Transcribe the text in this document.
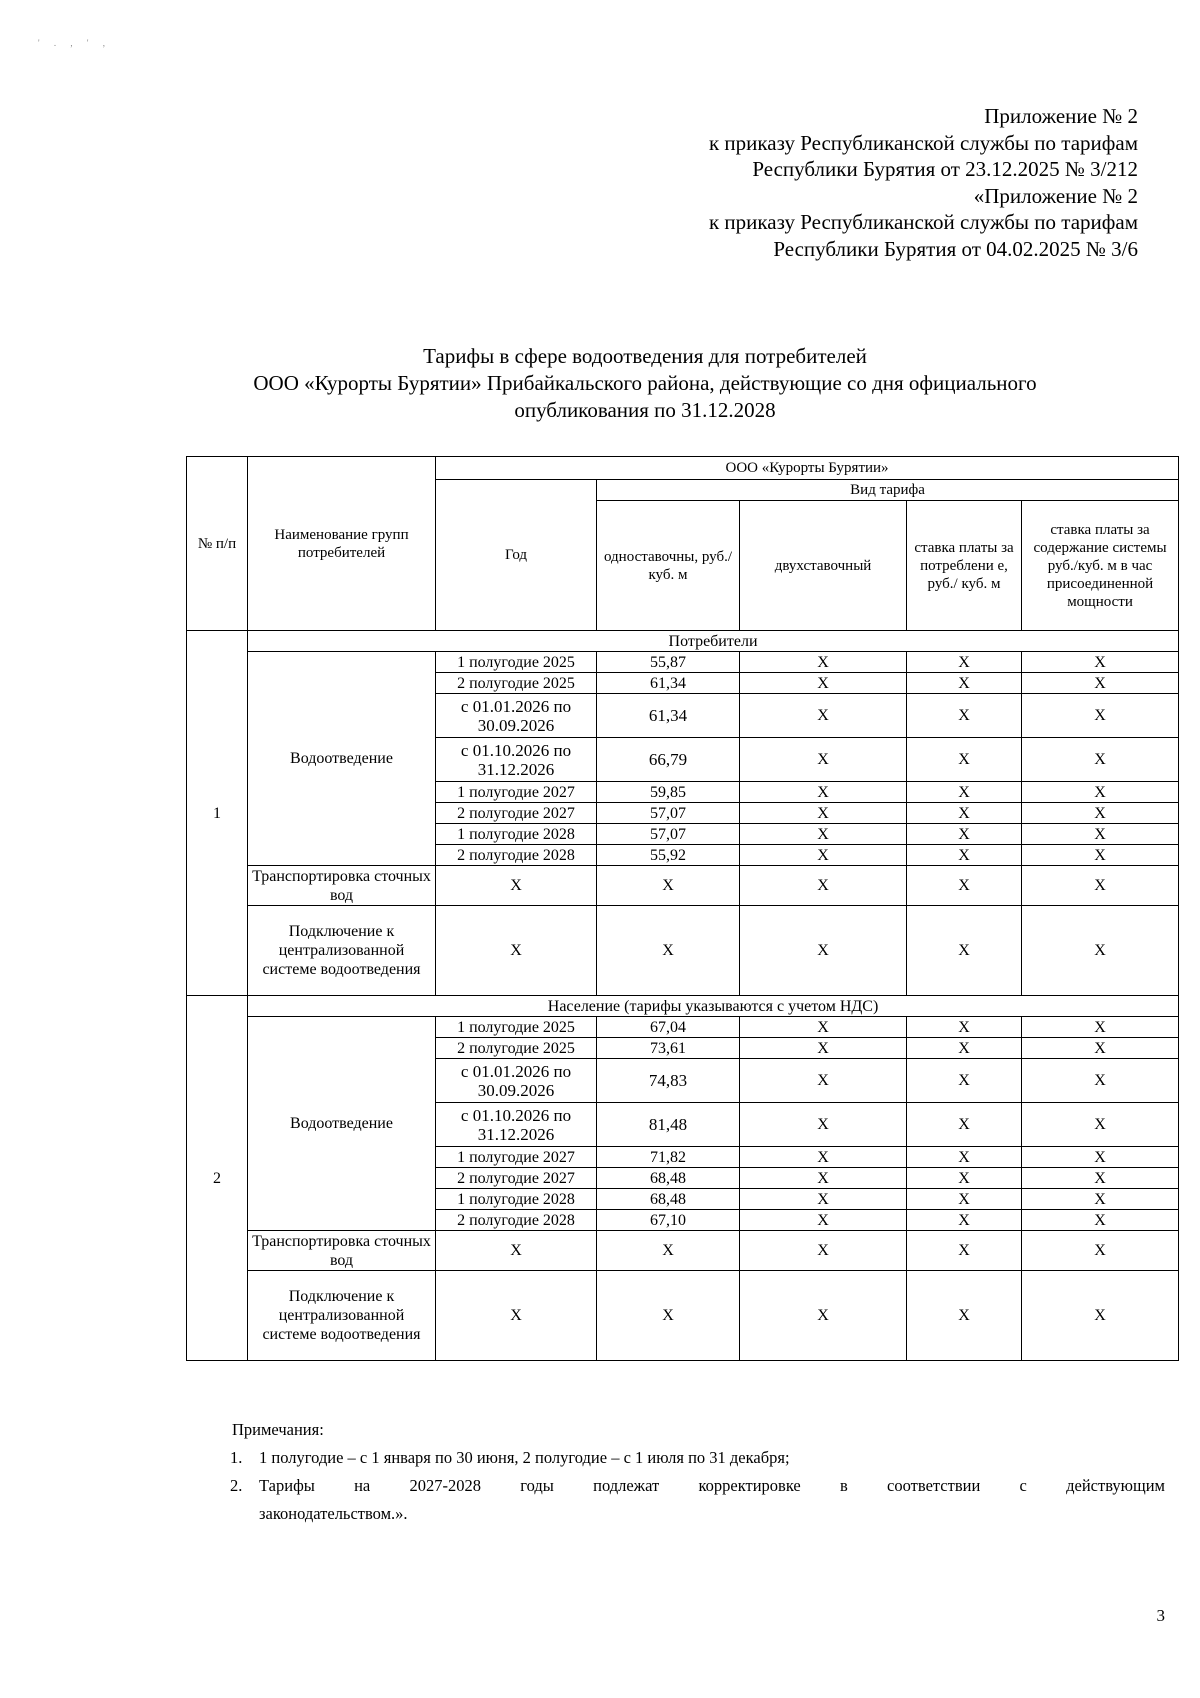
' . , ' ,
Приложение № 2
к приказу Республиканской службы по тарифам
Республики Бурятия от 23.12.2025 № 3/212
«Приложение № 2
к приказу Республиканской службы по тарифам
Республики Бурятия от 04.02.2025 № 3/6
Тарифы в сфере водоотведения для потребителей
ООО «Курорты Бурятии» Прибайкальского района, действующие со дня официального
опубликования по 31.12.2028
№ п/п	Наименование групп потребителей	ООО «Курорты Бурятии»				
		Год	Вид тарифа			
			одноставочны, руб./ куб. м	двухставочный	ставка платы за потреблени е, руб./ куб. м	ставка платы за содержание системы руб./куб. м в час присоединенной мощности
1	Потребители					
	Водоотведение	1 полугодие 2025	55,87	X	X	X
		2 полугодие 2025	61,34	X	X	X
		с 01.01.2026 по 30.09.2026	61,34	X	X	X
		с 01.10.2026 по 31.12.2026	66,79	X	X	X
		1 полугодие 2027	59,85	X	X	X
		2 полугодие 2027	57,07	X	X	X
		1 полугодие 2028	57,07	X	X	X
		2 полугодие 2028	55,92	X	X	X
	Транспортировка сточных вод	X	X	X	X	X
	Подключение к централизованной системе водоотведения	X	X	X	X	X
2	Население (тарифы указываются с учетом НДС)					
	Водоотведение	1 полугодие 2025	67,04	X	X	X
		2 полугодие 2025	73,61	X	X	X
		с 01.01.2026 по 30.09.2026	74,83	X	X	X
		с 01.10.2026 по 31.12.2026	81,48	X	X	X
		1 полугодие 2027	71,82	X	X	X
		2 полугодие 2027	68,48	X	X	X
		1 полугодие 2028	68,48	X	X	X
		2 полугодие 2028	67,10	X	X	X
	Транспортировка сточных вод	X	X	X	X	X
	Подключение к централизованной системе водоотведения	X	X	X	X	X
Примечания:
1. 1 полугодие – с 1 января по 30 июня, 2 полугодие – с 1 июля по 31 декабря;
2. Тарифы на 2027-2028 годы подлежат корректировке в соответствии с действующим
законодательством.».
3
